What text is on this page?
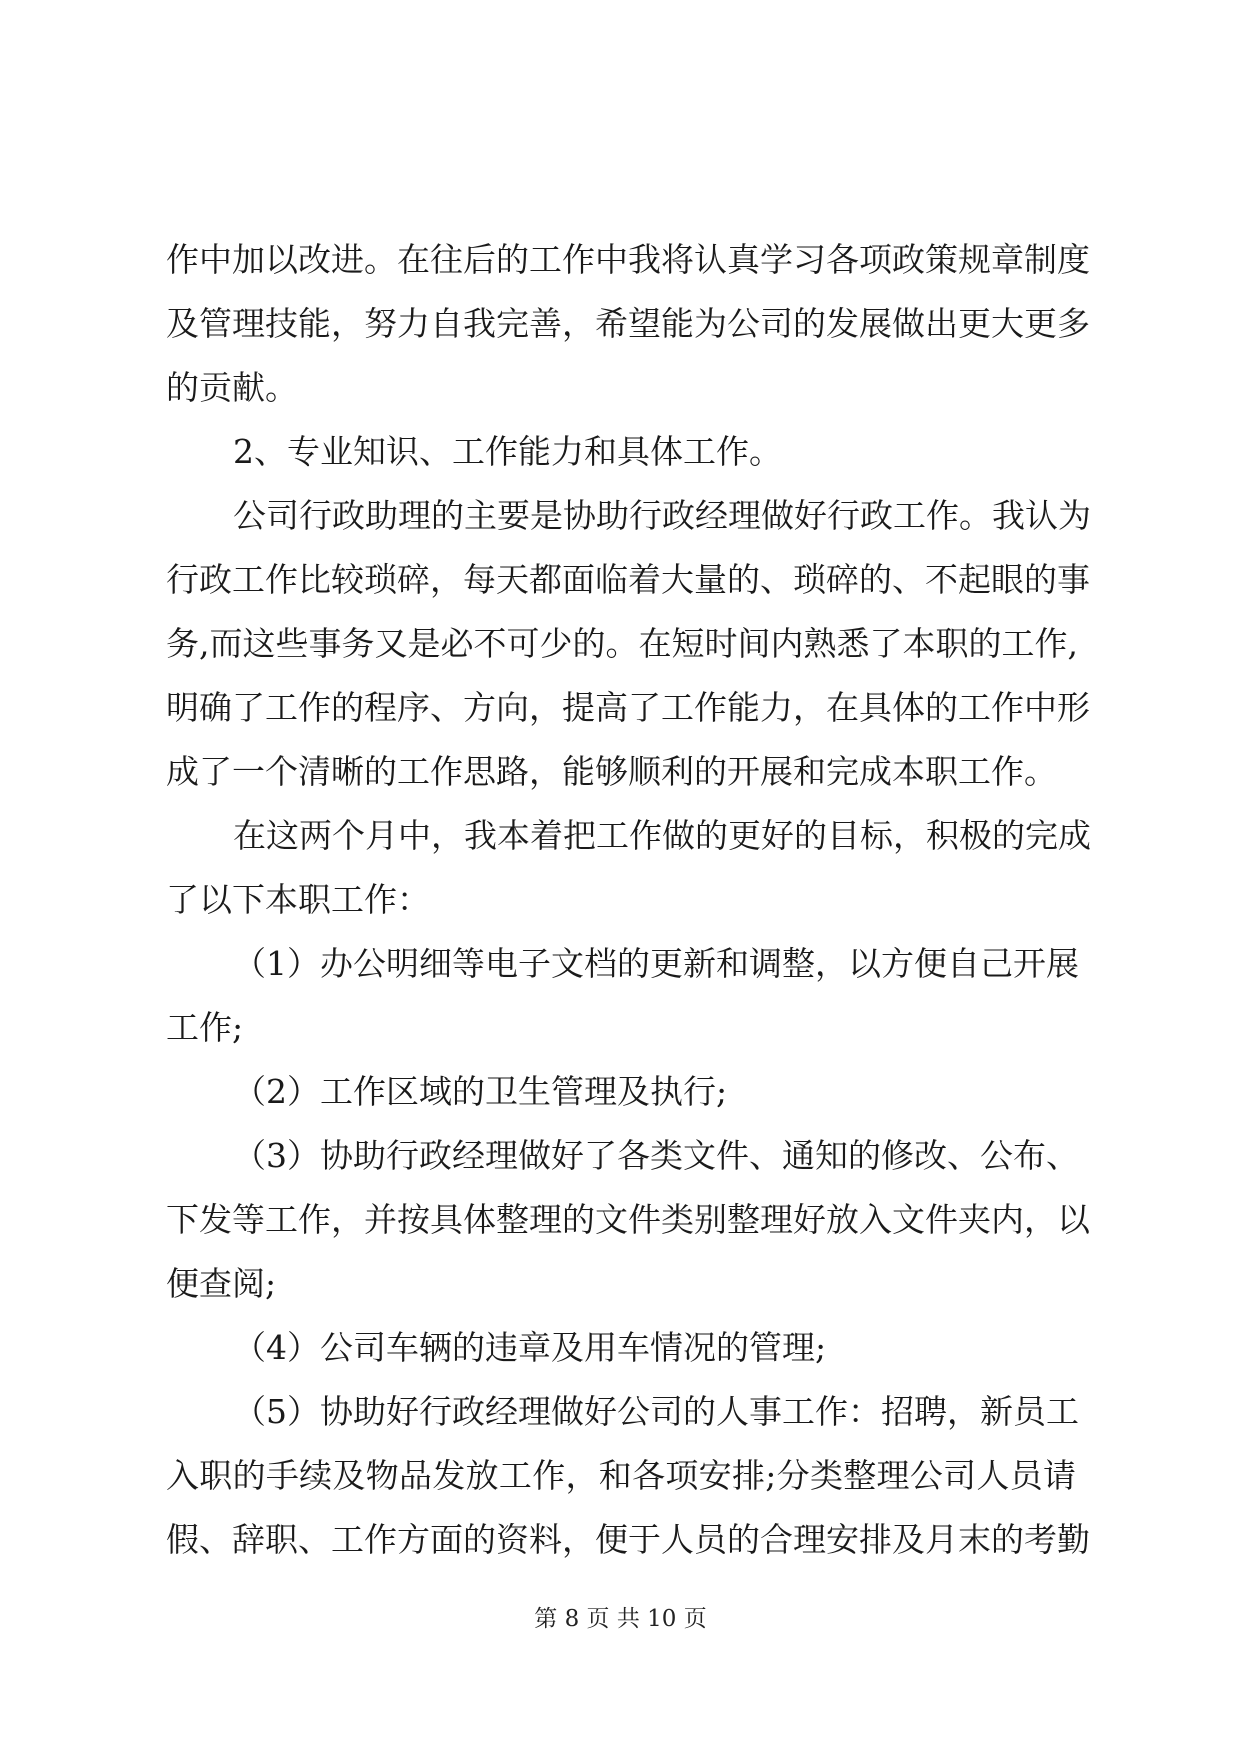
作中加以改进。在往后的工作中我将认真学习各项政策规章制度
及管理技能，努力自我完善，希望能为公司的发展做出更大更多
的贡献。
2、专业知识、工作能力和具体工作。
公司行政助理的主要是协助行政经理做好行政工作。我认为
行政工作比较琐碎，每天都面临着大量的、琐碎的、不起眼的事
务,而这些事务又是必不可少的。在短时间内熟悉了本职的工作,
明确了工作的程序、方向，提高了工作能力，在具体的工作中形
成了一个清晰的工作思路，能够顺利的开展和完成本职工作。
在这两个月中，我本着把工作做的更好的目标，积极的完成
了以下本职工作：
（1）办公明细等电子文档的更新和调整，以方便自己开展
工作;
（2）工作区域的卫生管理及执行;
（3）协助行政经理做好了各类文件、通知的修改、公布、
下发等工作，并按具体整理的文件类别整理好放入文件夹内，以
便查阅;
（4）公司车辆的违章及用车情况的管理;
（5）协助好行政经理做好公司的人事工作：招聘，新员工
入职的手续及物品发放工作，和各项安排;分类整理公司人员请
假、辞职、工作方面的资料，便于人员的合理安排及月末的考勤
第 8 页 共 10 页
